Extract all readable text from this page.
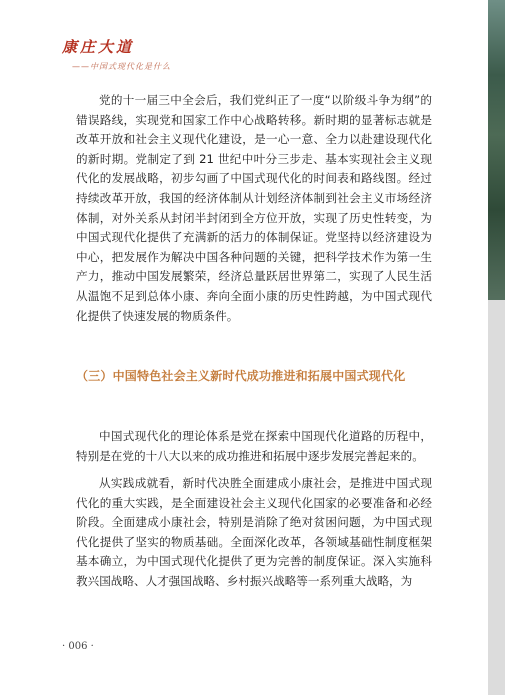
康庄大道
——中国式现代化是什么

党的十一届三中全会后，我们党纠正了一度“以阶级斗争为纲”的错误路线，实现党和国家工作中心战略转移。新时期的显著标志就是改革开放和社会主义现代化建设，是一心一意、全力以赴建设现代化的新时期。党制定了到 21 世纪中叶分三步走、基本实现社会主义现代化的发展战略，初步勾画了中国式现代化的时间表和路线图。经过持续改革开放，我国的经济体制从计划经济体制到社会主义市场经济体制，对外关系从封闭半封闭到全方位开放，实现了历史性转变，为中国式现代化提供了充满新的活力的体制保证。党坚持以经济建设为中心，把发展作为解决中国各种问题的关键，把科学技术作为第一生产力，推动中国发展繁荣，经济总量跃居世界第二，实现了人民生活从温饱不足到总体小康、奔向全面小康的历史性跨越，为中国式现代化提供了快速发展的物质条件。

（三）中国特色社会主义新时代成功推进和拓展中国式现代化

中国式现代化的理论体系是党在探索中国现代化道路的历程中，特别是在党的十八大以来的成功推进和拓展中逐步发展完善起来的。

从实践成就看，新时代决胜全面建成小康社会，是推进中国式现代化的重大实践，是全面建设社会主义现代化国家的必要准备和必经阶段。全面建成小康社会，特别是消除了绝对贫困问题，为中国式现代化提供了坚实的物质基础。全面深化改革，各领域基础性制度框架基本确立，为中国式现代化提供了更为完善的制度保证。深入实施科教兴国战略、人才强国战略、乡村振兴战略等一系列重大战略，为

· 006 ·
